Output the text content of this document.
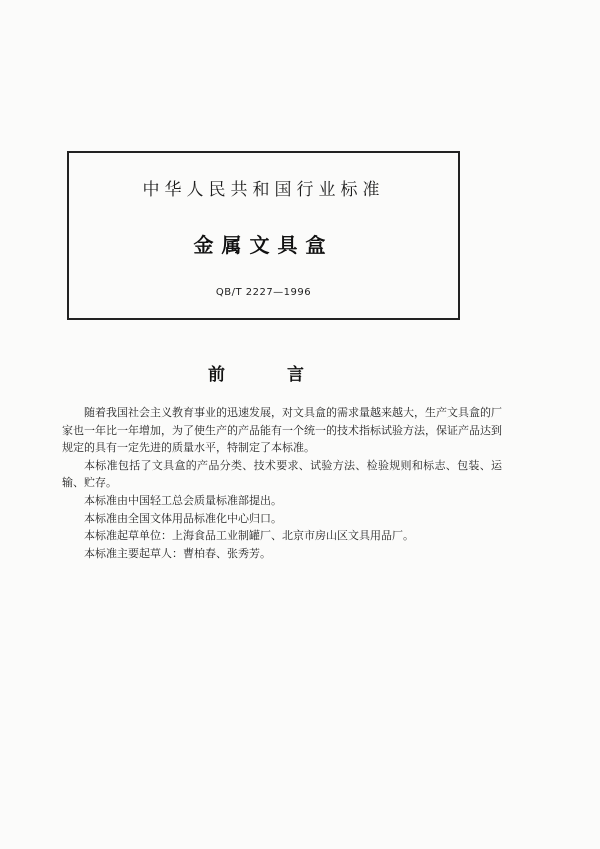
中华人民共和国行业标准
金属文具盒
QB/T 2227—1996
前 言

随着我国社会主义教育事业的迅速发展，对文具盒的需求量越来越大，生产文具盒的厂家也一年比一年增加，为了使生产的产品能有一个统一的技术指标试验方法，保证产品达到规定的具有一定先进的质量水平，特制定了本标准。

本标准包括了文具盒的产品分类、技术要求、试验方法、检验规则和标志、包装、运输、贮存。

本标准由中国轻工总会质量标准部提出。

本标准由全国文体用品标准化中心归口。

本标准起草单位：上海食品工业制罐厂、北京市房山区文具用品厂。

本标准主要起草人：曹柏春、张秀芳。
